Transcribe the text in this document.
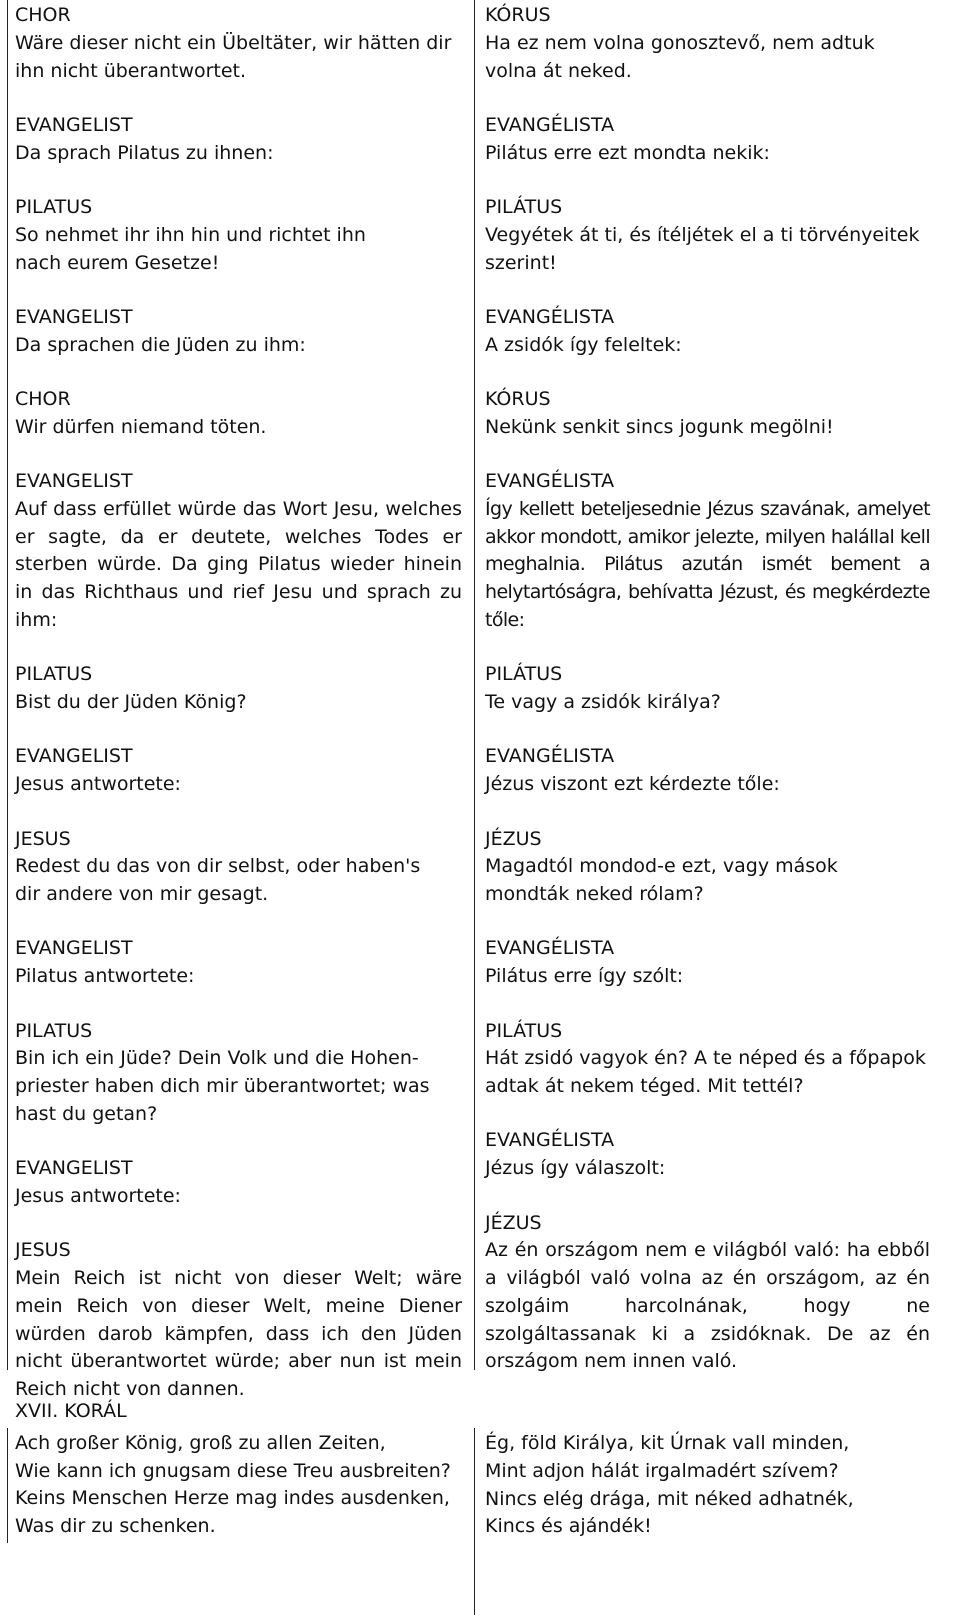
CHOR
Wäre dieser nicht ein Übeltäter, wir hätten dir ihn nicht überantwortet.
EVANGELIST
Da sprach Pilatus zu ihnen:
PILATUS
So nehmet ihr ihn hin und richtet ihn nach eurem Gesetze!
EVANGELIST
Da sprachen die Jüden zu ihm:
CHOR
Wir dürfen niemand töten.
EVANGELIST
Auf dass erfüllet würde das Wort Jesu, welches er sagte, da er deutete, welches Todes er sterben würde. Da ging Pilatus wieder hinein in das Richthaus und rief Jesu und sprach zu ihm:
PILATUS
Bist du der Jüden König?
EVANGELIST
Jesus antwortete:
JESUS
Redest du das von dir selbst, oder haben's dir andere von mir gesagt.
EVANGELIST
Pilatus antwortete:
PILATUS
Bin ich ein Jüde? Dein Volk und die Hohen-priester haben dich mir überantwortet; was hast du getan?
EVANGELIST
Jesus antwortete:
JESUS
Mein Reich ist nicht von dieser Welt; wäre mein Reich von dieser Welt, meine Diener würden darob kämpfen, dass ich den Jüden nicht überantwortet würde; aber nun ist mein Reich nicht von dannen.
KÓRUS
Ha ez nem volna gonosztevő, nem adtuk volna át neked.
EVANGÉLISTA
Pilátus erre ezt mondta nekik:
PILÁTUS
Vegyétek át ti, és ítéljétek el a ti törvényeitek szerint!
EVANGÉLISTA
A zsidók így feleltek:
KÓRUS
Nekünk senkit sincs jogunk megölni!
EVANGÉLISTA
Így kellett beteljesednie Jézus szavának, amelyet akkor mondott, amikor jelezte, milyen halállal kell meghalnia. Pilátus azután ismét bement a helytartóságra, behívatta Jézust, és megkérdezte tőle:
PILÁTUS
Te vagy a zsidók királya?
EVANGÉLISTA
Jézus viszont ezt kérdezte tőle:
JÉZUS
Magadtól mondod-e ezt, vagy mások mondták neked rólam?
EVANGÉLISTA
Pilátus erre így szólt:
PILÁTUS
Hát zsidó vagyok én? A te néped és a főpapok adtak át nekem téged. Mit tettél?
EVANGÉLISTA
Jézus így válaszolt:
JÉZUS
Az én országom nem e világból való: ha ebből a világból való volna az én országom, az én szolgáim harcolnának, hogy ne szolgáltassanak ki a zsidóknak. De az én országom nem innen való.
XVII. KORÁL
Ach großer König, groß zu allen Zeiten,
Wie kann ich gnugsam diese Treu ausbreiten?
Keins Menschen Herze mag indes ausdenken,
Was dir zu schenken.
Ég, föld Királya, kit Úrnak vall minden,
Mint adjon hálát irgalmadért szívem?
Nincs elég drága, mit néked adhatnék,
Kincs és ajándék!
